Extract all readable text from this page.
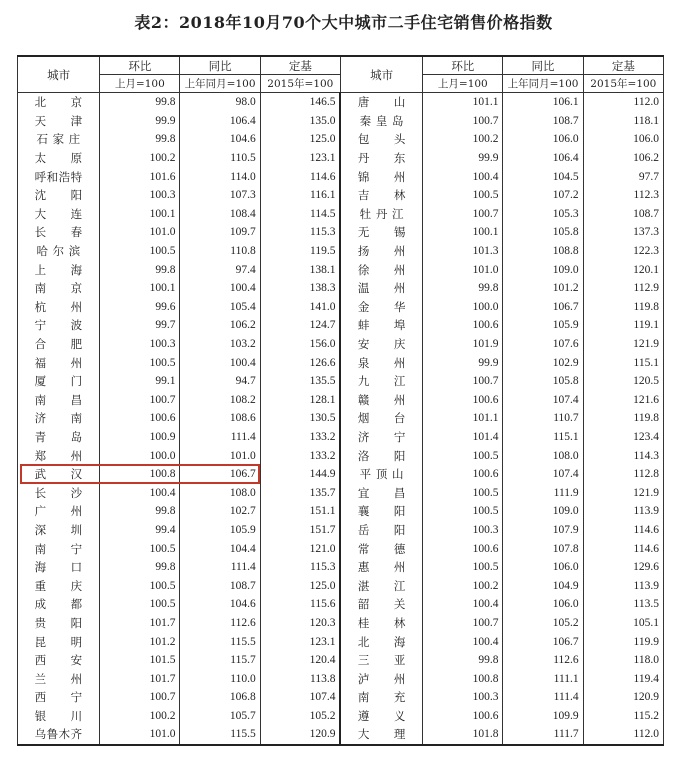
表2：2018年10月70个大中城市二手住宅销售价格指数
城市	环比	同比	定基	城市	环比	同比	定基
	上月=100	上年同月=100	2015年=100		上月=100	上年同月=100	2015年=100
北　　京	99.8	98.0	146.5	唐　　山	101.1	106.1	112.0
天　　津	99.9	106.4	135.0	秦 皇 岛	100.7	108.7	118.1
石 家 庄	99.8	104.6	125.0	包　　头	100.2	106.0	106.0
太　　原	100.2	110.5	123.1	丹　　东	99.9	106.4	106.2
呼和浩特	101.6	114.0	114.6	锦　　州	100.4	104.5	97.7
沈　　阳	100.3	107.3	116.1	吉　　林	100.5	107.2	112.3
大　　连	100.1	108.4	114.5	牡 丹 江	100.7	105.3	108.7
长　　春	101.0	109.7	115.3	无　　锡	100.1	105.8	137.3
哈 尔 滨	100.5	110.8	119.5	扬　　州	101.3	108.8	122.3
上　　海	99.8	97.4	138.1	徐　　州	101.0	109.0	120.1
南　　京	100.1	100.4	138.3	温　　州	99.8	101.2	112.9
杭　　州	99.6	105.4	141.0	金　　华	100.0	106.7	119.8
宁　　波	99.7	106.2	124.7	蚌　　埠	100.6	105.9	119.1
合　　肥	100.3	103.2	156.0	安　　庆	101.9	107.6	121.9
福　　州	100.5	100.4	126.6	泉　　州	99.9	102.9	115.1
厦　　门	99.1	94.7	135.5	九　　江	100.7	105.8	120.5
南　　昌	100.7	108.2	128.1	赣　　州	100.6	107.4	121.6
济　　南	100.6	108.6	130.5	烟　　台	101.1	110.7	119.8
青　　岛	100.9	111.4	133.2	济　　宁	101.4	115.1	123.4
郑　　州	100.0	101.0	133.2	洛　　阳	100.5	108.0	114.3
武　　汉	100.8	106.7	144.9	平 顶 山	100.6	107.4	112.8
长　　沙	100.4	108.0	135.7	宜　　昌	100.5	111.9	121.9
广　　州	99.8	102.7	151.1	襄　　阳	100.5	109.0	113.9
深　　圳	99.4	105.9	151.7	岳　　阳	100.3	107.9	114.6
南　　宁	100.5	104.4	121.0	常　　德	100.6	107.8	114.6
海　　口	99.8	111.4	115.3	惠　　州	100.5	106.0	129.6
重　　庆	100.5	108.7	125.0	湛　　江	100.2	104.9	113.9
成　　都	100.5	104.6	115.6	韶　　关	100.4	106.0	113.5
贵　　阳	101.7	112.6	120.3	桂　　林	100.7	105.2	105.1
昆　　明	101.2	115.5	123.1	北　　海	100.4	106.7	119.9
西　　安	101.5	115.7	120.4	三　　亚	99.8	112.6	118.0
兰　　州	101.7	110.0	113.8	泸　　州	100.8	111.1	119.4
西　　宁	100.7	106.8	107.4	南　　充	100.3	111.4	120.9
银　　川	100.2	105.7	105.2	遵　　义	100.6	109.9	115.2
乌鲁木齐	101.0	115.5	120.9	大　　理	101.8	111.7	112.0
